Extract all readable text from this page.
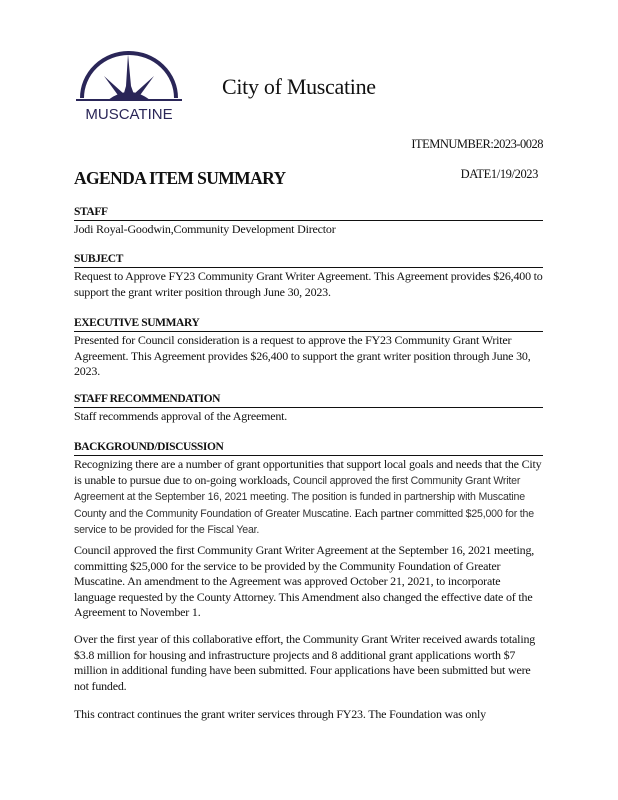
MUSCATINE
City of Muscatine
ITEMNUMBER:2023-0028
AGENDA ITEM SUMMARY	DATE1/19/2023
STAFF
Jodi Royal-Goodwin,Community Development Director
SUBJECT
Request to Approve FY23 Community Grant Writer Agreement. This Agreement provides $26,400 to support the grant writer position through June 30, 2023.
EXECUTIVE SUMMARY
Presented for Council consideration is a request to approve the FY23 Community Grant Writer Agreement. This Agreement provides $26,400 to support the grant writer position through June 30, 2023.
STAFF RECOMMENDATION
Staff recommends approval of the Agreement.
BACKGROUND/DISCUSSION
Recognizing there are a number of grant opportunities that support local goals and needs that the City is unable to pursue due to on-going workloads, Council approved the first Community Grant Writer Agreement at the September 16, 2021 meeting. The position is funded in partnership with Muscatine County and the Community Foundation of Greater Muscatine. Each partner committed $25,000 for the service to be provided for the Fiscal Year.
Council approved the first Community Grant Writer Agreement at the September 16, 2021 meeting, committing $25,000 for the service to be provided by the Community Foundation of Greater Muscatine. An amendment to the Agreement was approved October 21, 2021, to incorporate language requested by the County Attorney. This Amendment also changed the effective date of the Agreement to November 1.
Over the first year of this collaborative effort, the Community Grant Writer received awards totaling $3.8 million for housing and infrastructure projects and 8 additional grant applications worth $7 million in additional funding have been submitted. Four applications have been submitted but were not funded.
This contract continues the grant writer services through FY23. The Foundation was only
